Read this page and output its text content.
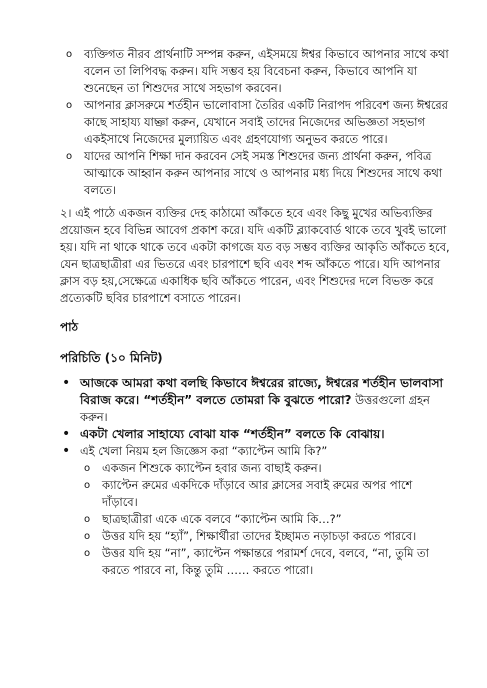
o ব্যক্তিগত নীরব প্রার্থনাটি সম্পন্ন করুন, এইসময়ে ঈশ্বর কিভাবে আপনার সাথে কথা বলেন তা লিপিবদ্ধ করুন। যদি সম্ভব হয় বিবেচনা করুন, কিভাবে আপনি যা শুনেছেন তা শিশুদের সাথে সহভাগ করবেন।
o আপনার ক্লাসরুমে শর্তহীন ভালোবাসা তৈরির একটি নিরাপদ পরিবেশ জন্য ঈশ্বরের কাছে সাহায্য যাচ্ঞা করুন, যেখানে সবাই তাদের নিজেদের অভিজ্ঞতা সহভাগ একইসাথে নিজেদের মুল্যায়িত এবং গ্রহণযোগ্য অনুভব করতে পারে।
o যাদের আপনি শিক্ষা দান করবেন সেই সমস্ত শিশুদের জন্য প্রার্থনা করুন, পবিত্র আত্মাকে আহ্বান করুন আপনার সাথে ও আপনার মধ্য দিয়ে শিশুদের সাথে কথা বলতে।

২। এই পাঠে একজন ব্যক্তির দেহ কাঠামো আঁকতে হবে এবং কিছু মুখের অভিব্যক্তির প্রয়োজন হবে বিভিন্ন আবেগ প্রকাশ করে। যদি একটি ব্ল্যাকবোর্ড থাকে তবে খুবই ভালো হয়। যদি না থাকে থাকে তবে একটা কাগজে যত বড় সম্ভব ব্যক্তির আকৃতি আঁকতে হবে, যেন ছাত্রছাত্রীরা এর ভিতরে এবং চারপাশে ছবি এবং শব্দ আঁকতে পারে। যদি আপনার ক্লাস বড় হয়,সেক্ষেত্রে একাধিক ছবি আঁকতে পারেন, এবং শিশুদের দলে বিভক্ত করে প্রত্যেকটি ছবির চারপাশে বসাতে পারেন।

পাঠ
পরিচিতি (১০ মিনিট)
• আজকে আমরা কথা বলছি কিভাবে ঈশ্বরের রাজ্যে, ঈশ্বরের শর্তহীন ভালবাসা বিরাজ করে। “শর্তহীন” বলতে তোমরা কি বুঝতে পারো? উত্তরগুলো গ্রহন করুন।
• একটা খেলার সাহায্যে বোঝা যাক “শর্তহীন” বলতে কি বোঝায়।
• এই খেলা নিয়ম হল জিজ্ঞেস করা “ক্যাপ্টেন আমি কি?”
o একজন শিশুকে ক্যাপ্টেন হবার জন্য বাছাই করুন।
o ক্যাপ্টেন রুমের একদিকে দাঁড়াবে আর ক্লাসের সবাই রুমের অপর পাশে দাঁড়াবে।
o ছাত্রছাত্রীরা একে একে বলবে “ক্যাপ্টেন আমি কি…?”
o উত্তর যদি হয় “হ্যাঁ”, শিক্ষার্থীরা তাদের ইচ্ছামত নড়াচড়া করতে পারবে।
o উত্তর যদি হয় “না”, ক্যাপ্টেন পক্ষান্তরে পরামর্শ দেবে, বলবে, “না, তুমি তা করতে পারবে না, কিন্তু তুমি …… করতে পারো।
